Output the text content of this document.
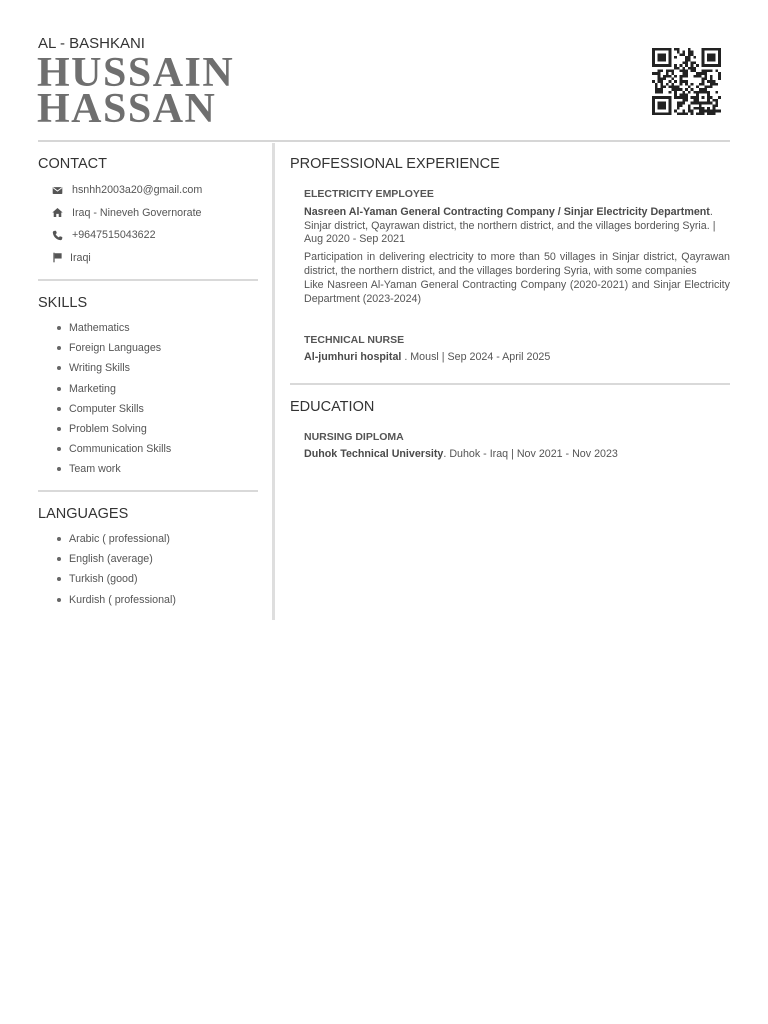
AL - BASHKANI
HUSSAIN
HASSAN
CONTACT
hsnhh2003a20@gmail.com
Iraq - Nineveh Governorate
+9647515043622
Iraqi
SKILLS
Mathematics
Foreign Languages
Writing Skills
Marketing
Computer Skills
Problem Solving
Communication Skills
Team work
LANGUAGES
Arabic ( professional)
English (average)
Turkish (good)
Kurdish ( professional)
PROFESSIONAL EXPERIENCE
ELECTRICITY EMPLOYEE
Nasreen Al-Yaman General Contracting Company / Sinjar Electricity Department. Sinjar district, Qayrawan district, the northern district, and the villages bordering Syria. | Aug 2020 - Sep 2021
Participation in delivering electricity to more than 50 villages in Sinjar district, Qayrawan district, the northern district, and the villages bordering Syria, with some companies
Like Nasreen Al-Yaman General Contracting Company (2020-2021) and Sinjar Electricity Department (2023-2024)
TECHNICAL NURSE
Al-jumhuri hospital . Mousl | Sep 2024 - April 2025
EDUCATION
NURSING DIPLOMA
Duhok Technical University. Duhok - Iraq | Nov 2021 - Nov 2023
